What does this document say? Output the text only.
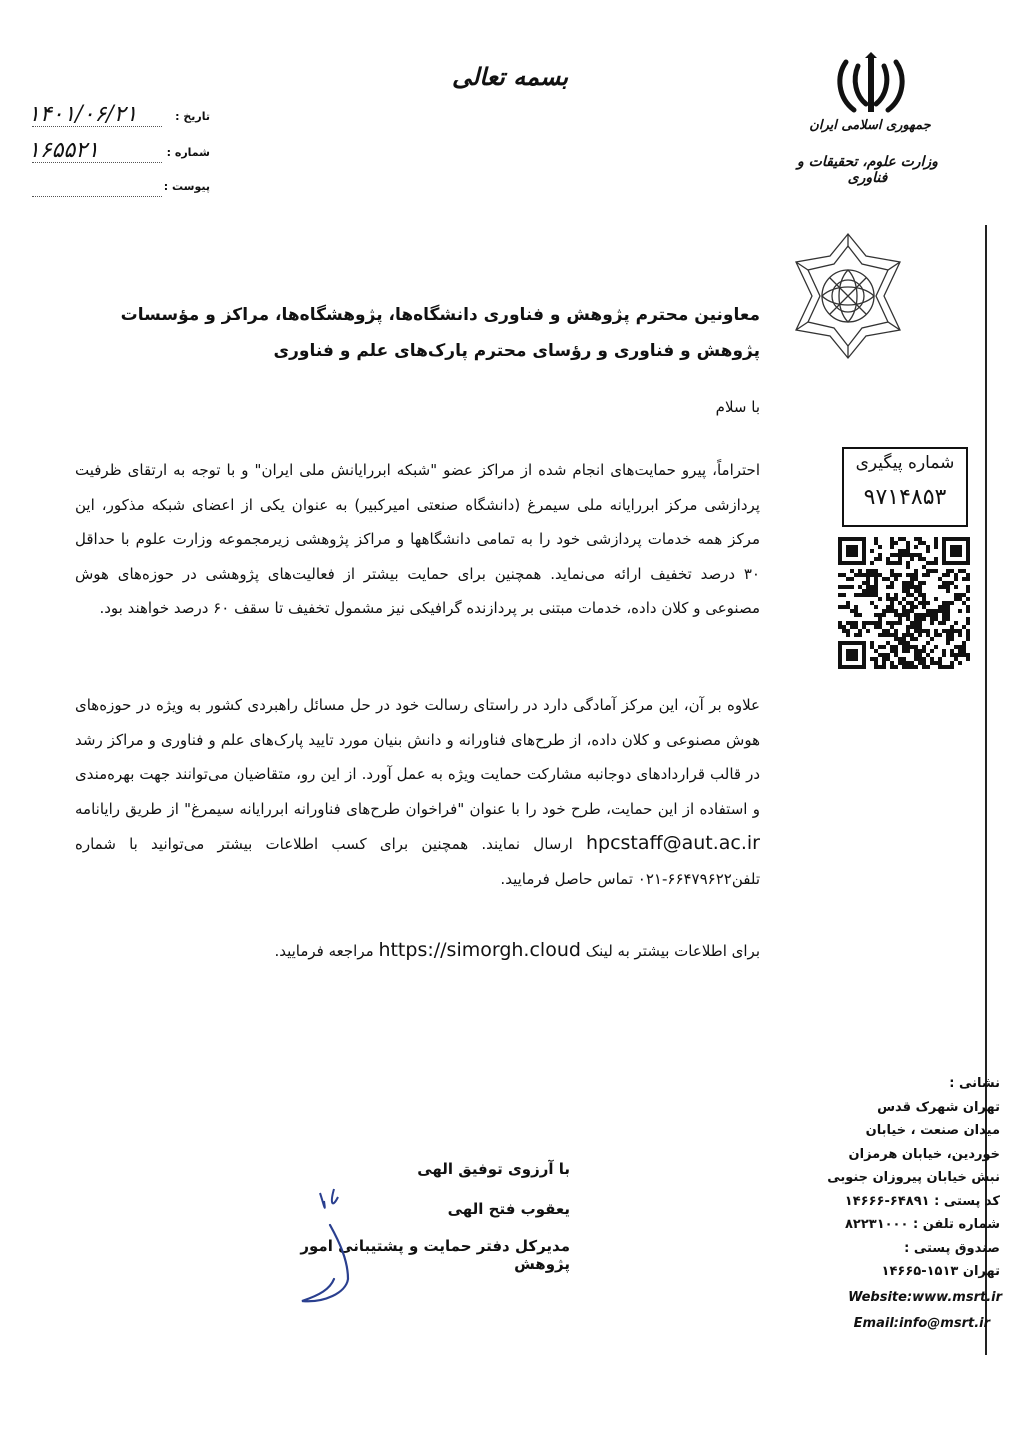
بسمه تعالی
جمهوری اسلامی ایران
وزارت علوم، تحقیقات و فناوری
تاریخ :
۱۴۰۱/۰۶/۲۱
شماره :
۱۶۵۵۲۱
پیوست :
شماره پیگیری
۹۷۱۴۸۵۳
معاونین محترم پژوهش و فناوری دانشگاه‌ها، پژوهشگاه‌ها، مراکز و مؤسسات پژوهش و فناوری و رؤسای محترم پارک‌های علم و فناوری
با سلام
احتراماً، پیرو حمایت‌های انجام شده از مراکز عضو "شبکه ابررایانش ملی ایران" و با توجه به ارتقای ظرفیت پردازشی مرکز ابررایانه ملی سیمرغ (دانشگاه صنعتی امیرکبیر) به عنوان یکی از اعضای شبکه مذکور، این مرکز همه خدمات پردازشی خود را به تمامی دانشگاهها و مراکز پژوهشی زیرمجموعه وزارت علوم با حداقل ۳۰ درصد تخفیف ارائه می‌نماید. همچنین برای حمایت بیشتر از فعالیت‌های پژوهشی در حوزه‌های هوش مصنوعی و کلان داده، خدمات مبتنی بر پردازنده گرافیکی نیز مشمول تخفیف تا سقف ۶۰ درصد خواهند بود.
علاوه بر آن، این مرکز آمادگی دارد در راستای رسالت خود در حل مسائل راهبردی کشور به ویژه در حوزه‌های هوش مصنوعی و کلان داده، از طرح‌های فناورانه و دانش بنیان مورد تایید پارک‌های علم و فناوری و مراکز رشد در قالب قراردادهای دوجانبه مشارکت حمایت ویژه به عمل آورد. از این رو، متقاضیان می‌توانند جهت بهره‌مندی و استفاده از این حمایت، طرح خود را با عنوان "فراخوان طرح‌های فناورانه ابررایانه سیمرغ" از طریق رایانامه hpcstaff@aut.ac.ir ارسال نمایند. همچنین برای کسب اطلاعات بیشتر می‌توانید با شماره تلفن۶۶۴۷۹۶۲۲-۰۲۱ تماس حاصل فرمایید.
برای اطلاعات بیشتر به لینک https://simorgh.cloud مراجعه فرمایید.
با آرزوی توفیق الهی
یعقوب فتح الهی
مدیرکل دفتر حمایت و پشتیبانی امور پژوهش
نشانی :
تهران شهرک قدس
میدان صنعت ، خیابان
خوردین، خیابان هرمزان
نبش خیابان پیروزان جنوبی
کد پستی : ۶۴۸۹۱-۱۴۶۶۶
شماره تلفن : ۸۲۲۳۱۰۰۰
صندوق پستی :
تهران ۱۵۱۳-۱۴۶۶۵
Website:www.msrt.ir
Email:info@msrt.ir
